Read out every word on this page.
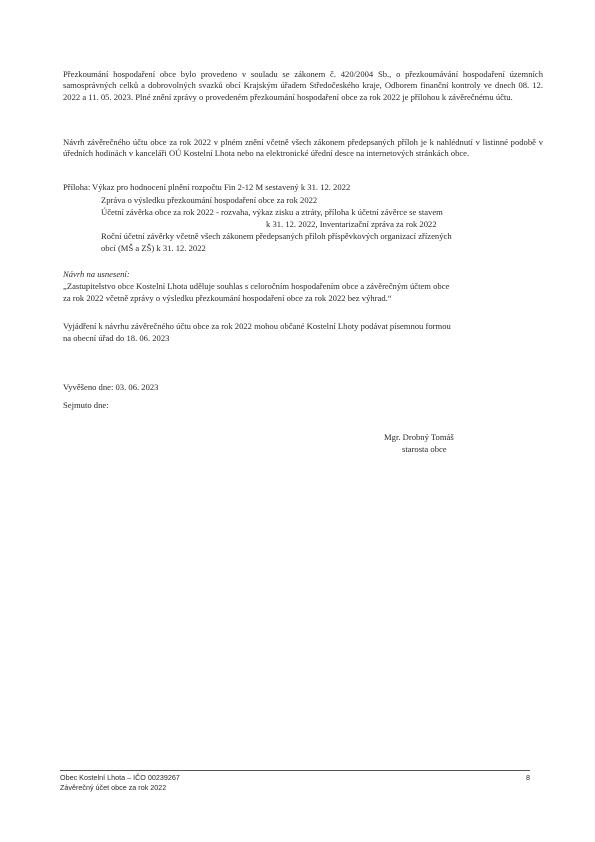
Přezkoumání hospodaření obce bylo provedeno v souladu se zákonem č. 420/2004 Sb., o přezkoumávání hospodaření územních samosprávných celků a dobrovolných svazků obcí Krajským úřadem Středočeského kraje, Odborem finanční kontroly ve dnech 08. 12. 2022 a 11. 05. 2023. Plné znění zprávy o provedeném přezkoumání hospodaření obce za rok 2022 je přílohou k závěrečnému účtu.
Návrh závěrečného účtu obce za rok 2022 v plném znění včetně všech zákonem předepsaných příloh je k nahlédnutí v listinné podobě v úředních hodinách v kanceláři OÚ Kostelní Lhota nebo na elektronické úřední desce na internetových stránkách obce.
Příloha: Výkaz pro hodnocení plnění rozpočtu Fin 2-12 M sestavený k 31. 12. 2022
Zpráva o výsledku přezkoumání hospodaření obce za rok 2022
Účetní závěrka obce za rok 2022 - rozvaha, výkaz zisku a ztráty, příloha k účetní závěrce se stavem
k 31. 12. 2022, Inventarizační zpráva za rok 2022
Roční účetní závěrky včetně všech zákonem předepsaných příloh příspěvkových organizací zřízených
obcí (MŠ a ZŠ) k 31. 12. 2022
Návrh na usnesení:
„Zastupitelstvo obce Kostelní Lhota uděluje souhlas s celoročním hospodařením obce a závěrečným účtem obce
za rok 2022 včetně zprávy o výsledku přezkoumání hospodaření obce za rok 2022 bez výhrad.“
Vyjádření k návrhu závěrečného účtu obce za rok 2022 mohou občané Kostelní Lhoty podávat písemnou formou
na obecní úřad do 18. 06. 2023
Vyvěšeno dne: 03. 06. 2023
Sejmuto dne:
Mgr. Drobný Tomáš
starosta obce
Obec Kostelní Lhota – IČO 00239267
Závěrečný účet obce za rok 2022
8
